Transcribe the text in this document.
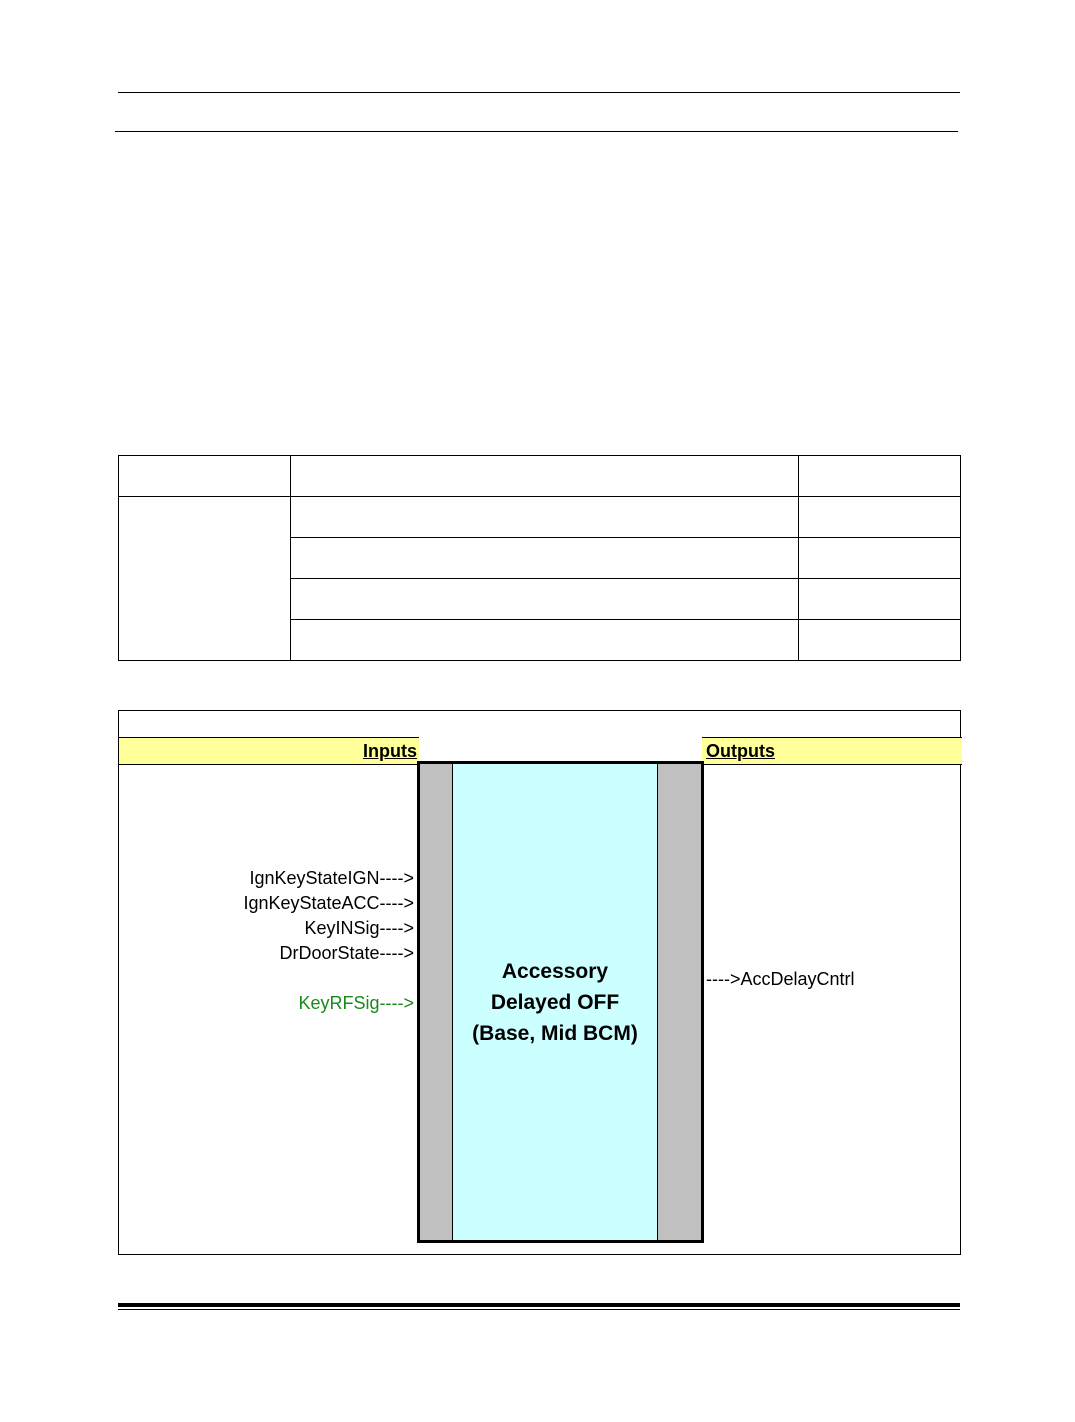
Inputs	Outputs
Accessory
Delayed OFF
(Base, Mid BCM)
IgnKeyStateIGN---->
IgnKeyStateACC---->
KeyINSig---->
DrDoorState---->
KeyRFSig---->
---->AccDelayCntrl
